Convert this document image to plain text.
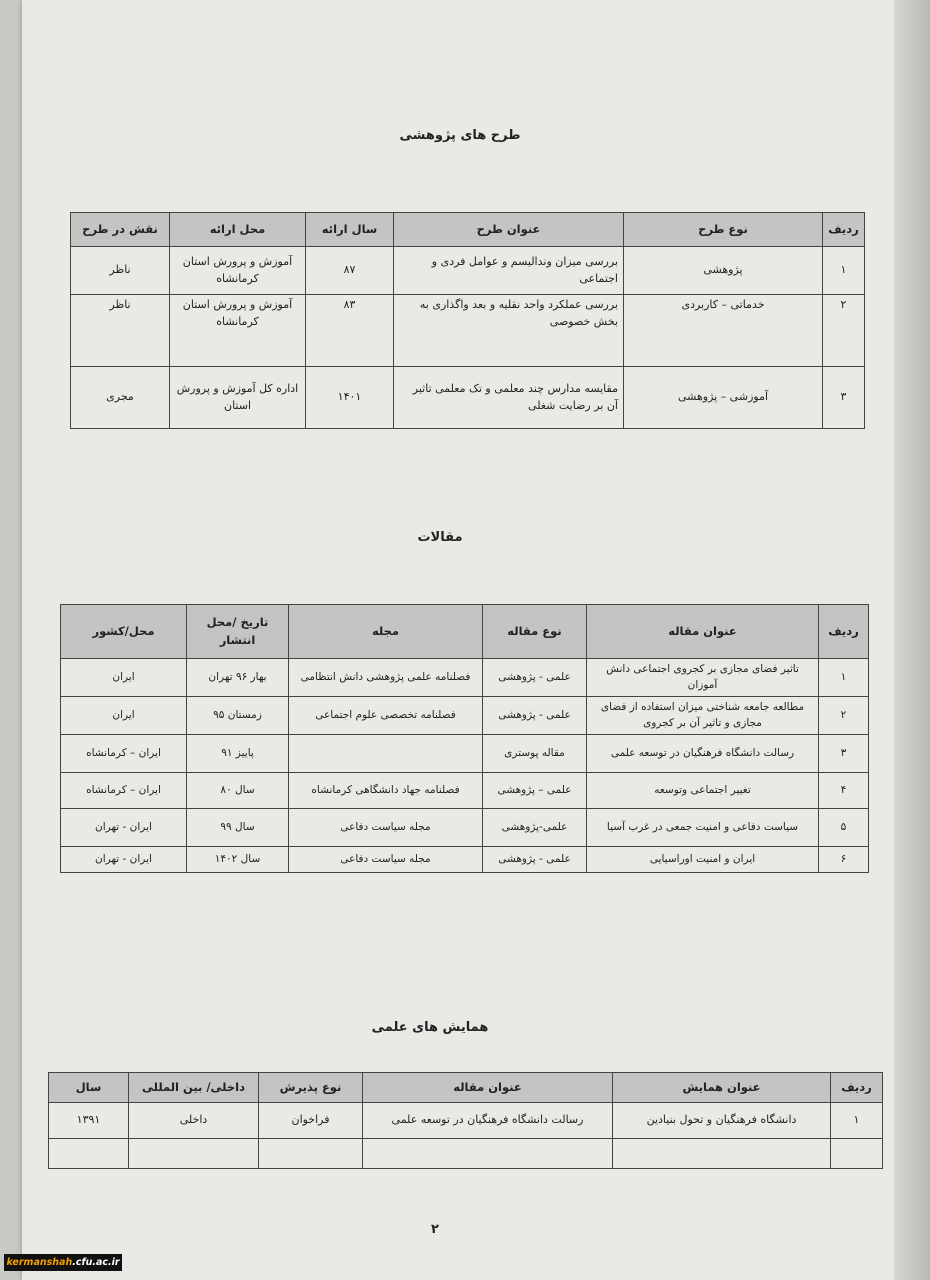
طرح های پژوهشی
ردیف	نوع طرح	عنوان طرح	سال ارائه	محل ارائه	نقش در طرح
۱	پژوهشی	بررسی میزان وندالیسم و عوامل فردی و اجتماعی	۸۷	آموزش و پرورش استان کرمانشاه	ناظر
۲	خدماتی – کاربردی	بررسی عملکرد واحد نقلیه و بعد واگذاری به بخش خصوصی	۸۳	آموزش و پرورش استان کرمانشاه	ناظر
۳	آموزشی – پژوهشی	مقایسه مدارس چند معلمی و تک معلمی تاثیر آن بر رضایت شغلی	۱۴۰۱	اداره کل آموزش و پرورش استان	مجری
مقالات
ردیف	عنوان مقاله	نوع مقاله	مجله	تاریخ /محل انتشار	محل/کشور
۱	تاثیر فضای مجازی بر کجروی اجتماعی دانش آموزان	علمی - پژوهشی	فصلنامه علمی پژوهشی دانش انتظامی	بهار ۹۶ تهران	ایران
۲	مطالعه جامعه شناختی میزان استفاده از فضای مجازی و تاثیر آن بر کجروی	علمی - پژوهشی	فصلنامه تخصصی علوم اجتماعی	زمستان ۹۵	ایران
۳	رسالت دانشگاه فرهنگیان در توسعه علمی	مقاله پوستری		پاییز ۹۱	ایران – کرمانشاه
۴	تغییر اجتماعی وتوسعه	علمی – پژوهشی	فصلنامه جهاد دانشگاهی کرمانشاه	سال ۸۰	ایران – کرمانشاه
۵	سیاست دفاعی و امنیت جمعی در غرب آسیا	علمی-پژوهشی	مجله سیاست دفاعی	سال ۹۹	ایران - تهران
۶	ایران و امنیت اوراسیایی	علمی - پژوهشی	مجله سیاست دفاعی	سال ۱۴۰۲	ایران - تهران
همایش های علمی
ردیف	عنوان همایش	عنوان مقاله	نوع پذیرش	داخلی/ بین المللی	سال
۱	دانشگاه فرهنگیان و تحول بنیادین	رسالت دانشگاه فرهنگیان در توسعه علمی	فراخوان	داخلی	۱۳۹۱

۲
kermanshah.cfu.ac.ir
